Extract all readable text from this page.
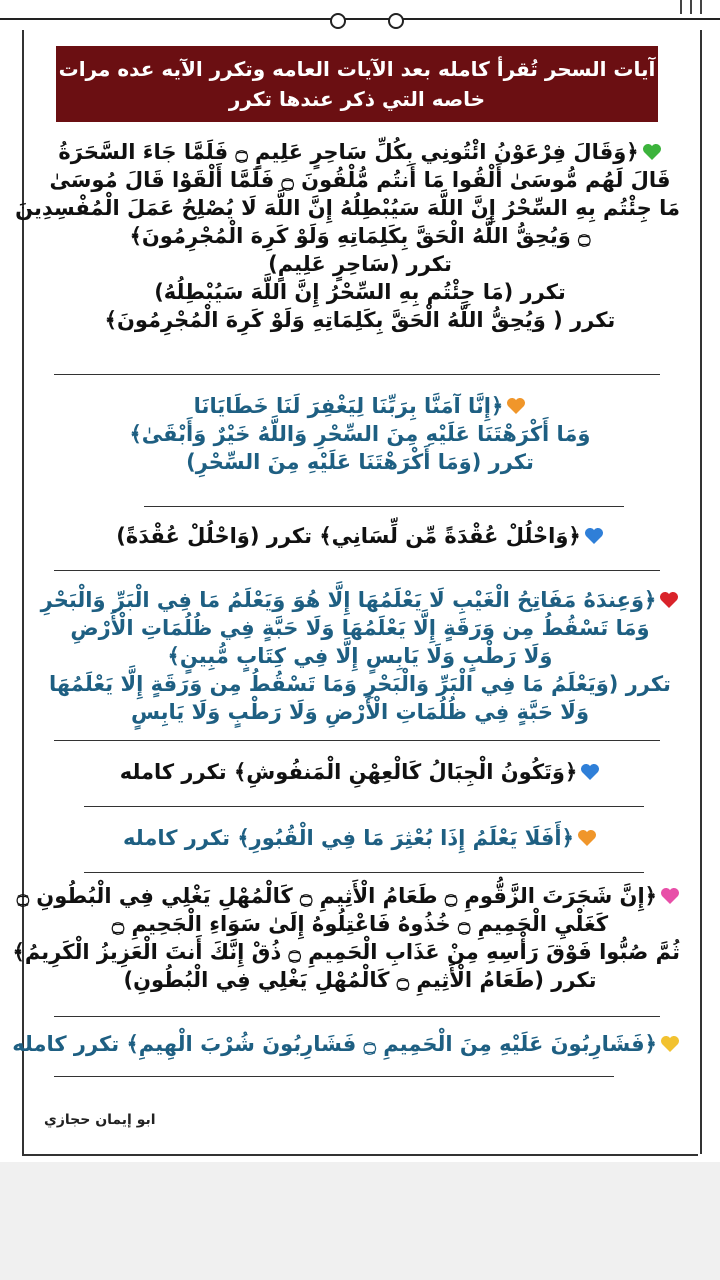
آيات السحر تُقرأ كامله بعد الآيات العامه وتكرر الآيه عده مرات
خاصه التي ذكر عندها تكرر
﴿وَقَالَ فِرْعَوْنُ ائْتُونِي بِكُلِّ سَاحِرٍ عَلِيمٍ ۝ فَلَمَّا جَاءَ السَّحَرَةُ
قَالَ لَهُم مُّوسَىٰ أَلْقُوا مَا أَنتُم مُّلْقُونَ ۝ فَلَمَّا أَلْقَوْا قَالَ مُوسَىٰ
مَا جِئْتُم بِهِ السِّحْرُ إِنَّ اللَّهَ سَيُبْطِلُهُ إِنَّ اللَّهَ لَا يُصْلِحُ عَمَلَ الْمُفْسِدِينَ
۝ وَيُحِقُّ اللَّهُ الْحَقَّ بِكَلِمَاتِهِ وَلَوْ كَرِهَ الْمُجْرِمُونَ﴾
تكرر (سَاحِرٍ عَلِيمٍ)
تكرر (مَا جِئْتُم بِهِ السِّحْرُ إِنَّ اللَّهَ سَيُبْطِلُهُ)
تكرر ( وَيُحِقُّ اللَّهُ الْحَقَّ بِكَلِمَاتِهِ وَلَوْ كَرِهَ الْمُجْرِمُونَ﴾
﴿إِنَّا آمَنَّا بِرَبِّنَا لِيَغْفِرَ لَنَا خَطَايَانَا
وَمَا أَكْرَهْتَنَا عَلَيْهِ مِنَ السِّحْرِ وَاللَّهُ خَيْرٌ وَأَبْقَىٰ﴾
تكرر (وَمَا أَكْرَهْتَنَا عَلَيْهِ مِنَ السِّحْرِ)
﴿وَاحْلُلْ عُقْدَةً مِّن لِّسَانِي﴾ تكرر (وَاحْلُلْ عُقْدَةً)
﴿وَعِندَهُ مَفَاتِحُ الْغَيْبِ لَا يَعْلَمُهَا إِلَّا هُوَ وَيَعْلَمُ مَا فِي الْبَرِّ وَالْبَحْرِ
وَمَا تَسْقُطُ مِن وَرَقَةٍ إِلَّا يَعْلَمُهَا وَلَا حَبَّةٍ فِي ظُلُمَاتِ الْأَرْضِ
وَلَا رَطْبٍ وَلَا يَابِسٍ إِلَّا فِي كِتَابٍ مُّبِينٍ﴾
تكرر (وَيَعْلَمُ مَا فِي الْبَرِّ وَالْبَحْرِ وَمَا تَسْقُطُ مِن وَرَقَةٍ إِلَّا يَعْلَمُهَا
وَلَا حَبَّةٍ فِي ظُلُمَاتِ الْأَرْضِ وَلَا رَطْبٍ وَلَا يَابِسٍ
﴿وَتَكُونُ الْجِبَالُ كَالْعِهْنِ الْمَنفُوشِ﴾ تكرر كامله
﴿أَفَلَا يَعْلَمُ إِذَا بُعْثِرَ مَا فِي الْقُبُورِ﴾ تكرر كامله
﴿إِنَّ شَجَرَتَ الزَّقُّومِ ۝ طَعَامُ الْأَثِيمِ ۝ كَالْمُهْلِ يَغْلِي فِي الْبُطُونِ ۝
كَغَلْيِ الْحَمِيمِ ۝ خُذُوهُ فَاعْتِلُوهُ إِلَىٰ سَوَاءِ الْجَحِيمِ ۝
ثُمَّ صُبُّوا فَوْقَ رَأْسِهِ مِنْ عَذَابِ الْحَمِيمِ ۝ ذُقْ إِنَّكَ أَنتَ الْعَزِيزُ الْكَرِيمُ﴾
تكرر (طَعَامُ الْأَثِيمِ ۝ كَالْمُهْلِ يَغْلِي فِي الْبُطُونِ)
﴿فَشَارِبُونَ عَلَيْهِ مِنَ الْحَمِيمِ ۝ فَشَارِبُونَ شُرْبَ الْهِيمِ﴾ تكرر كامله
ابو إيمان حجازي
